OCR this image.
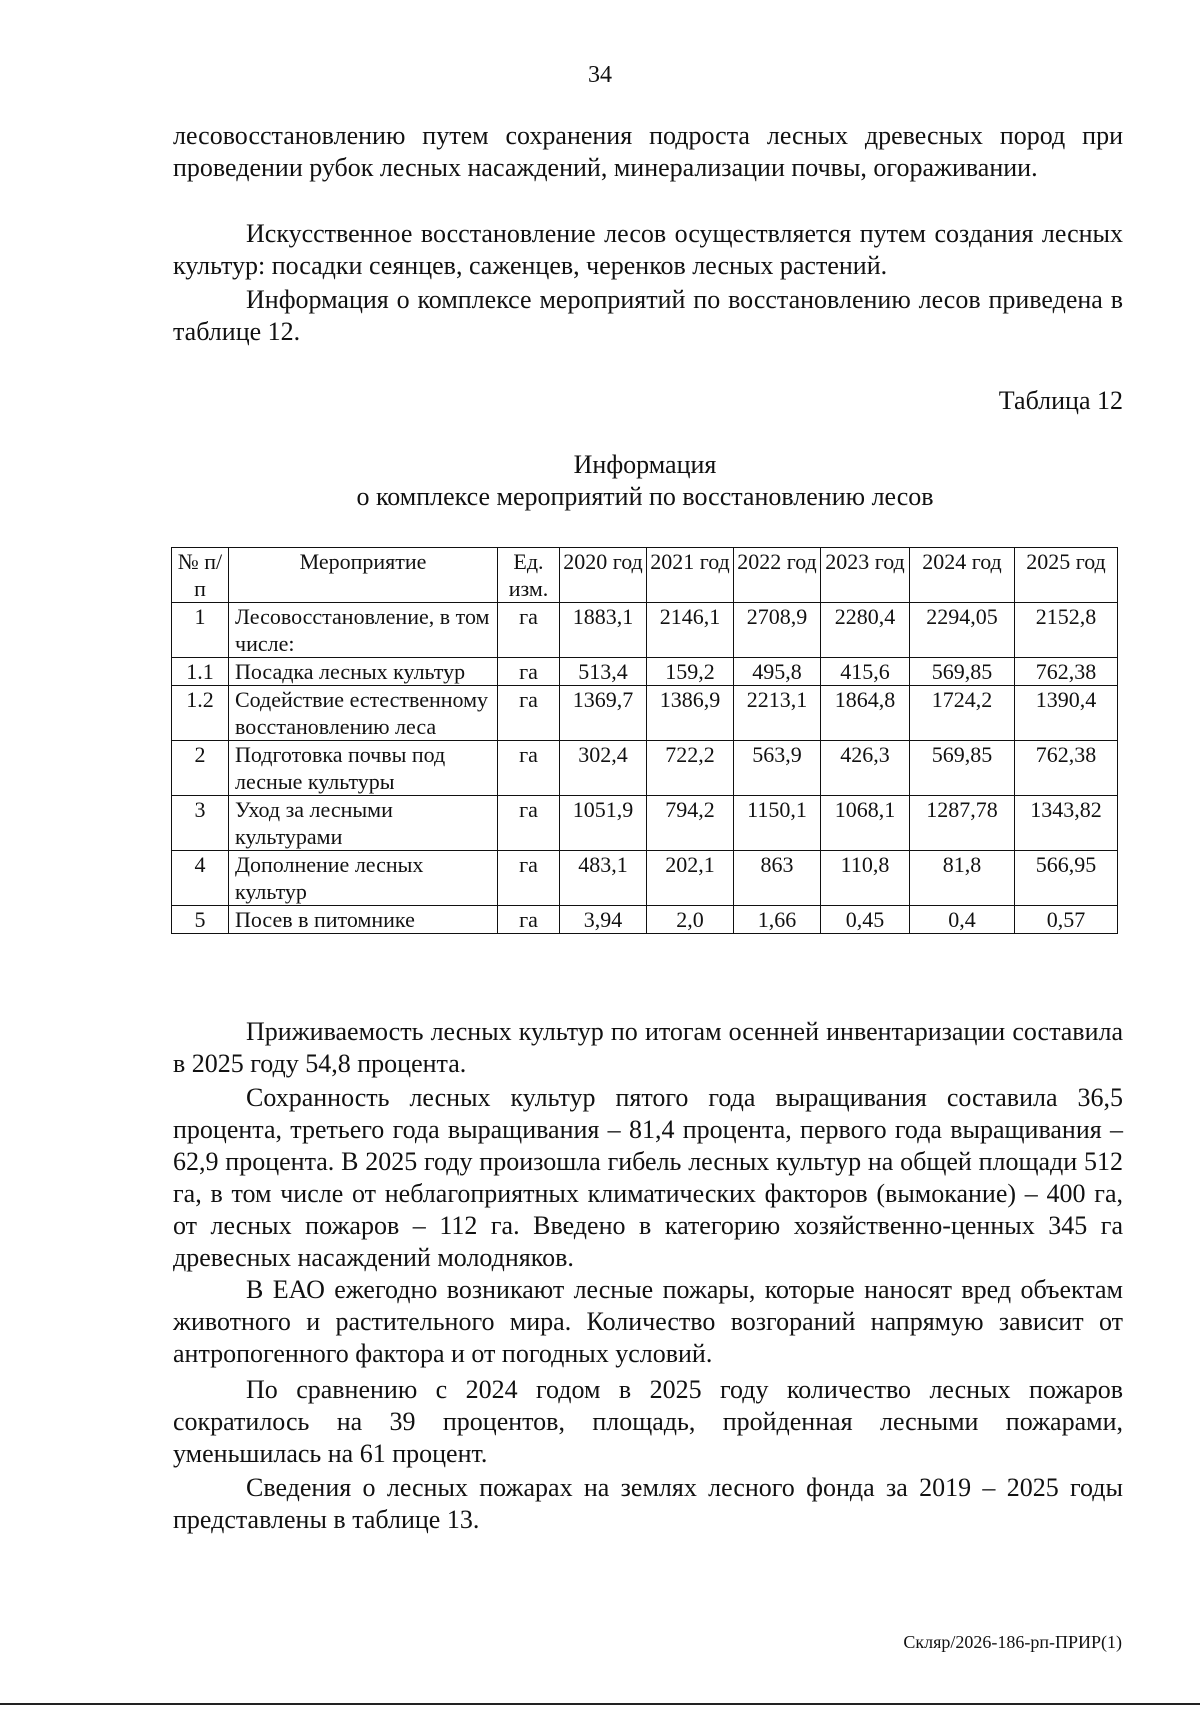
34

лесовосстановлению путем сохранения подроста лесных древесных пород при проведении рубок лесных насаждений, минерализации почвы, огораживании.

Искусственное восстановление лесов осуществляется путем создания лесных культур: посадки сеянцев, саженцев, черенков лесных растений.

Информация о комплексе мероприятий по восстановлению лесов приведена в таблице 12.

Таблица 12
Информация
о комплексе мероприятий по восстановлению лесов
№ п/п	Мероприятие	Ед. изм.	2020 год	2021 год	2022 год	2023 год	2024 год	2025 год
1	Лесовосстановление, в том числе:	га	1883,1	2146,1	2708,9	2280,4	2294,05	2152,8
1.1	Посадка лесных культур	га	513,4	159,2	495,8	415,6	569,85	762,38
1.2	Содействие естественному восстановлению леса	га	1369,7	1386,9	2213,1	1864,8	1724,2	1390,4
2	Подготовка почвы под лесные культуры	га	302,4	722,2	563,9	426,3	569,85	762,38
3	Уход за лесными культурами	га	1051,9	794,2	1150,1	1068,1	1287,78	1343,82
4	Дополнение лесных культур	га	483,1	202,1	863	110,8	81,8	566,95
5	Посев в питомнике	га	3,94	2,0	1,66	0,45	0,4	0,57

Приживаемость лесных культур по итогам осенней инвентаризации составила в 2025 году 54,8 процента.

Сохранность лесных культур пятого года выращивания составила 36,5 процента, третьего года выращивания – 81,4 процента, первого года выращивания – 62,9 процента. В 2025 году произошла гибель лесных культур на общей площади 512 га, в том числе от неблагоприятных климатических факторов (вымокание) – 400 га, от лесных пожаров – 112 га. Введено в категорию хозяйственно-ценных 345 га древесных насаждений молодняков.

В ЕАО ежегодно возникают лесные пожары, которые наносят вред объектам животного и растительного мира. Количество возгораний напрямую зависит от антропогенного фактора и от погодных условий.

По сравнению с 2024 годом в 2025 году количество лесных пожаров сократилось на 39 процентов, площадь, пройденная лесными пожарами, уменьшилась на 61 процент.

Сведения о лесных пожарах на землях лесного фонда за 2019 – 2025 годы представлены в таблице 13.

Скляр/2026-186-рп-ПРИР(1)
